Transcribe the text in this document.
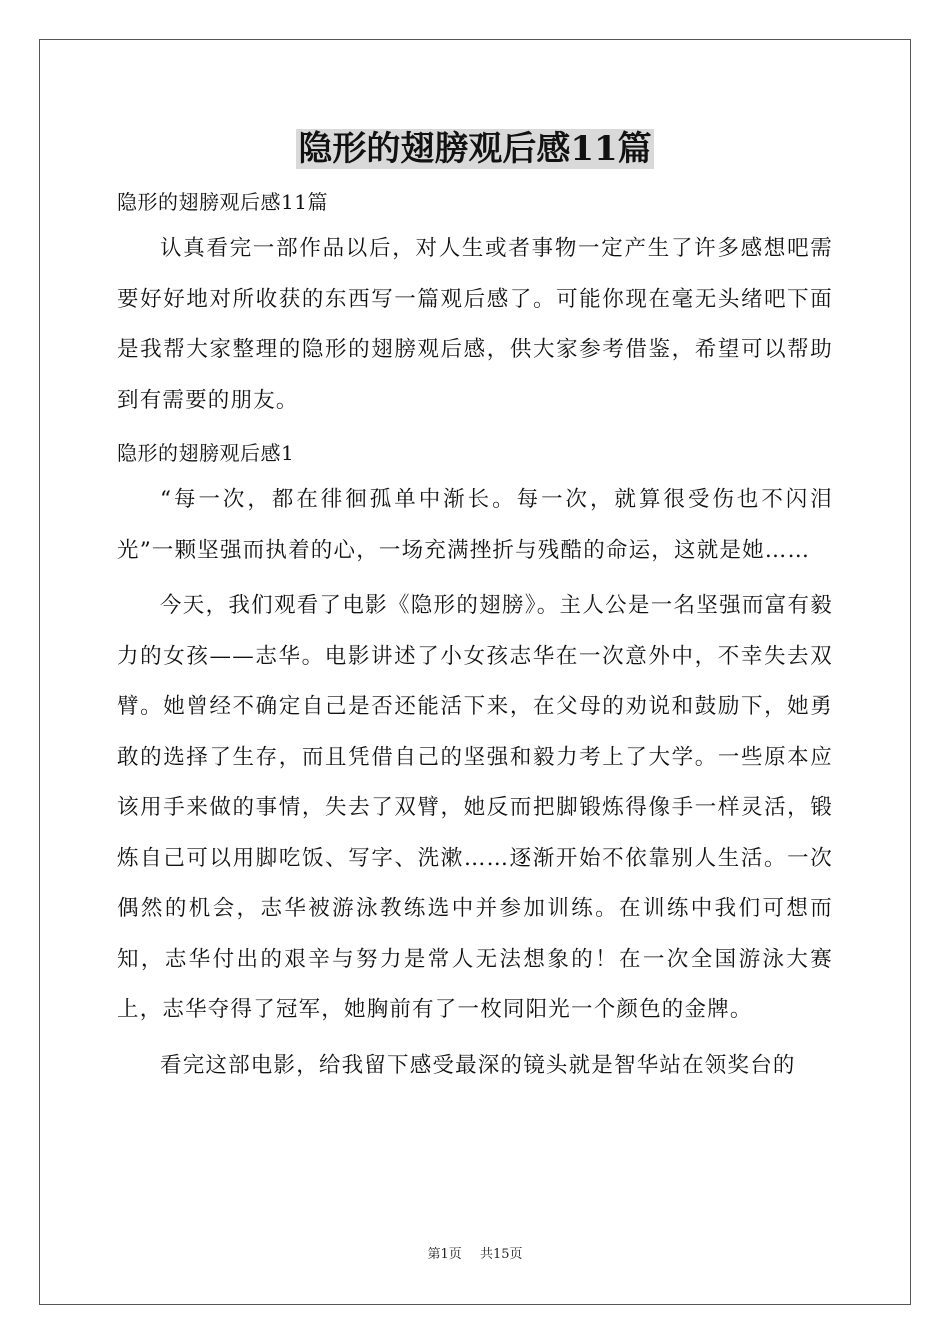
隐形的翅膀观后感11篇
隐形的翅膀观后感11篇

认真看完一部作品以后，对人生或者事物一定产生了许多感想吧需要好好地对所收获的东西写一篇观后感了。可能你现在毫无头绪吧下面是我帮大家整理的隐形的翅膀观后感，供大家参考借鉴，希望可以帮助到有需要的朋友。

隐形的翅膀观后感1

“每一次，都在徘徊孤单中渐长。每一次，就算很受伤也不闪泪光”一颗坚强而执着的心，一场充满挫折与残酷的命运，这就是她……

今天，我们观看了电影《隐形的翅膀》。主人公是一名坚强而富有毅力的女孩——志华。电影讲述了小女孩志华在一次意外中，不幸失去双臂。她曾经不确定自己是否还能活下来，在父母的劝说和鼓励下，她勇敢的选择了生存，而且凭借自己的坚强和毅力考上了大学。一些原本应该用手来做的事情，失去了双臂，她反而把脚锻炼得像手一样灵活，锻炼自己可以用脚吃饭、写字、洗漱……逐渐开始不依靠别人生活。一次偶然的机会，志华被游泳教练选中并参加训练。在训练中我们可想而知，志华付出的艰辛与努力是常人无法想象的！在一次全国游泳大赛上，志华夺得了冠军，她胸前有了一枚同阳光一个颜色的金牌。

看完这部电影，给我留下感受最深的镜头就是智华站在领奖台的

第1页 共15页
